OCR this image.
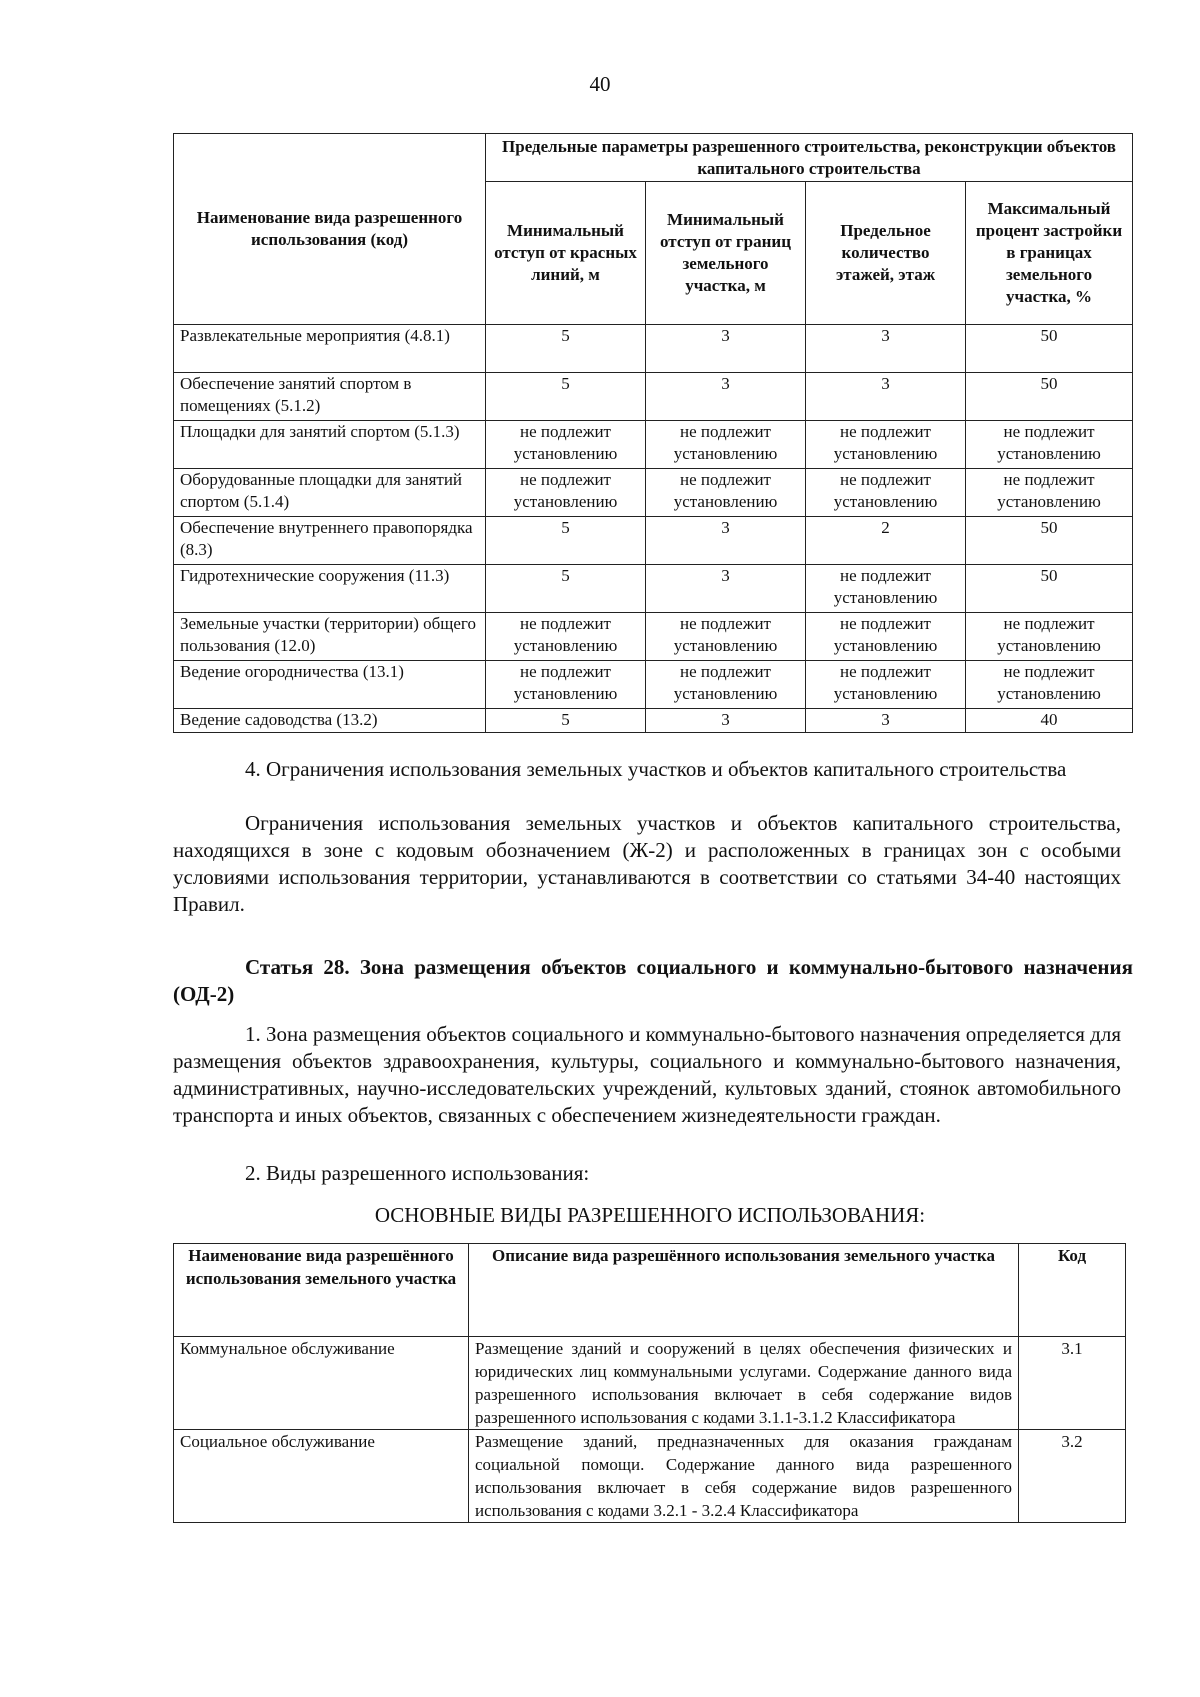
40
Наименование вида разрешенного использования (код)	Предельные параметры разрешенного строительства, реконструкции объектов капитального строительства			
	Минимальный отступ от красных линий, м	Минимальный отступ от границ земельного участка, м	Предельное количество этажей, этаж	Максимальный процент застройки в границах земельного участка, %
Развлекательные мероприятия (4.8.1)	5	3	3	50
Обеспечение занятий спортом в помещениях (5.1.2)	5	3	3	50
Площадки для занятий спортом (5.1.3)	не подлежит установлению	не подлежит установлению	не подлежит установлению	не подлежит установлению
Оборудованные площадки для занятий спортом (5.1.4)	не подлежит установлению	не подлежит установлению	не подлежит установлению	не подлежит установлению
Обеспечение внутреннего правопорядка (8.3)	5	3	2	50
Гидротехнические сооружения (11.3)	5	3	не подлежит установлению	50
Земельные участки (территории) общего пользования (12.0)	не подлежит установлению	не подлежит установлению	не подлежит установлению	не подлежит установлению
Ведение огородничества (13.1)	не подлежит установлению	не подлежит установлению	не подлежит установлению	не подлежит установлению
Ведение садоводства (13.2)	5	3	3	40

4. Ограничения использования земельных участков и объектов капитального строительства

Ограничения использования земельных участков и объектов капитального строительства, находящихся в зоне с кодовым обозначением (Ж-2) и расположенных в границах зон с особыми условиями использования территории, устанавливаются в соответствии со статьями 34-40 настоящих Правил.

Статья 28. Зона размещения объектов социального и коммунально-бытового назначения (ОД-2)

1. Зона размещения объектов социального и коммунально-бытового назначения определяется для размещения объектов здравоохранения, культуры, социального и коммунально-бытового назначения, административных, научно-исследовательских учреждений, культовых зданий, стоянок автомобильного транспорта и иных объектов, связанных с обеспечением жизнедеятельности граждан.

2. Виды разрешенного использования:

ОСНОВНЫЕ ВИДЫ РАЗРЕШЕННОГО ИСПОЛЬЗОВАНИЯ:
Наименование вида разрешённого использования земельного участка	Описание вида разрешённого использования земельного участка	Код
Коммунальное обслуживание	Размещение зданий и сооружений в целях обеспечения физических и юридических лиц коммунальными услугами. Содержание данного вида разрешенного использования включает в себя содержание видов разрешенного использования с кодами 3.1.1-3.1.2 Классификатора	3.1
Социальное обслуживание	Размещение зданий, предназначенных для оказания гражданам социальной помощи. Содержание данного вида разрешенного использования включает в себя содержание видов разрешенного использования с кодами 3.2.1 - 3.2.4 Классификатора	3.2
